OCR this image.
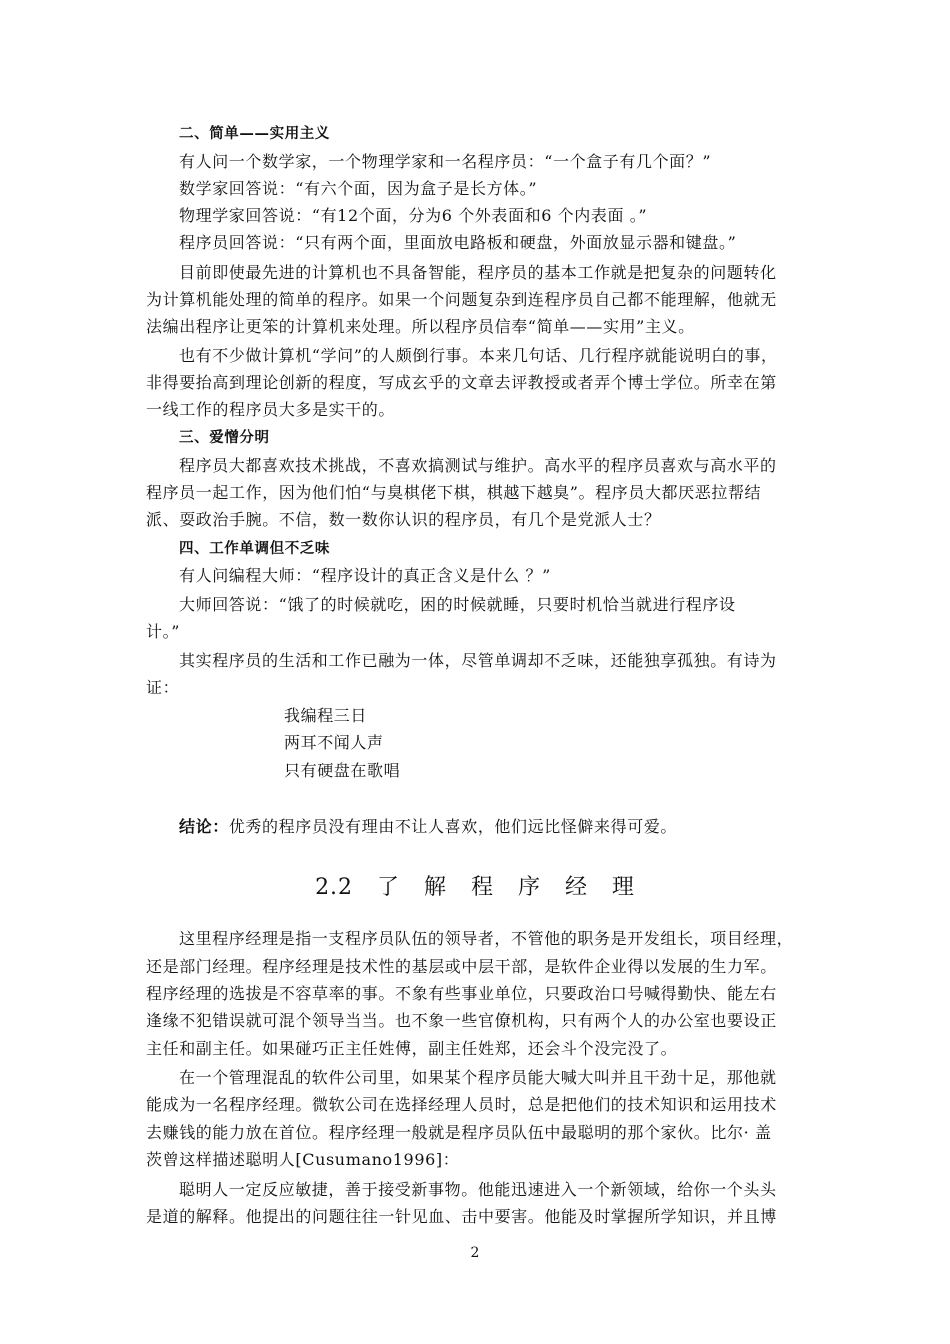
二、简单——实用主义
有人问一个数学家，一个物理学家和一名程序员：“一个盒子有几个面？”
数学家回答说：“有六个面，因为盒子是长方体。”
物理学家回答说：“有12个面，分为6 个外表面和6 个内表面 。”
程序员回答说：“只有两个面，里面放电路板和硬盘，外面放显示器和键盘。”
目前即使最先进的计算机也不具备智能，程序员的基本工作就是把复杂的问题转化
为计算机能处理的简单的程序。如果一个问题复杂到连程序员自己都不能理解，他就无
法编出程序让更笨的计算机来处理。所以程序员信奉“简单——实用”主义。
也有不少做计算机“学问”的人颇倒行事。本来几句话、几行程序就能说明白的事，
非得要抬高到理论创新的程度，写成玄乎的文章去评教授或者弄个博士学位。所幸在第
一线工作的程序员大多是实干的。
三、爱憎分明
程序员大都喜欢技术挑战，不喜欢搞测试与维护。高水平的程序员喜欢与高水平的
程序员一起工作，因为他们怕“与臭棋佬下棋，棋越下越臭”。程序员大都厌恶拉帮结
派、耍政治手腕。不信，数一数你认识的程序员，有几个是党派人士？
四、工作单调但不乏味
有人问编程大师：“程序设计的真正含义是什么 ？”
大师回答说：“饿了的时候就吃，困的时候就睡，只要时机恰当就进行程序设
计。”
其实程序员的生活和工作已融为一体，尽管单调却不乏味，还能独享孤独。有诗为
证：
我编程三日
两耳不闻人声
只有硬盘在歌唱
结论：优秀的程序员没有理由不让人喜欢，他们远比怪僻来得可爱。
2.2   了   解   程   序   经   理
这里程序经理是指一支程序员队伍的领导者，不管他的职务是开发组长，项目经理，
还是部门经理。程序经理是技术性的基层或中层干部，是软件企业得以发展的生力军。
程序经理的选拔是不容草率的事。不象有些事业单位，只要政治口号喊得勤快、能左右
逢缘不犯错误就可混个领导当当。也不象一些官僚机构，只有两个人的办公室也要设正
主任和副主任。如果碰巧正主任姓傅，副主任姓郑，还会斗个没完没了。
在一个管理混乱的软件公司里，如果某个程序员能大喊大叫并且干劲十足，那他就
能成为一名程序经理。微软公司在选择经理人员时，总是把他们的技术知识和运用技术
去赚钱的能力放在首位。程序经理一般就是程序员队伍中最聪明的那个家伙。比尔· 盖
茨曾这样描述聪明人[Cusumano1996]：
聪明人一定反应敏捷，善于接受新事物。他能迅速进入一个新领域，给你一个头头
是道的解释。他提出的问题往往一针见血、击中要害。他能及时掌握所学知识，并且博
2
